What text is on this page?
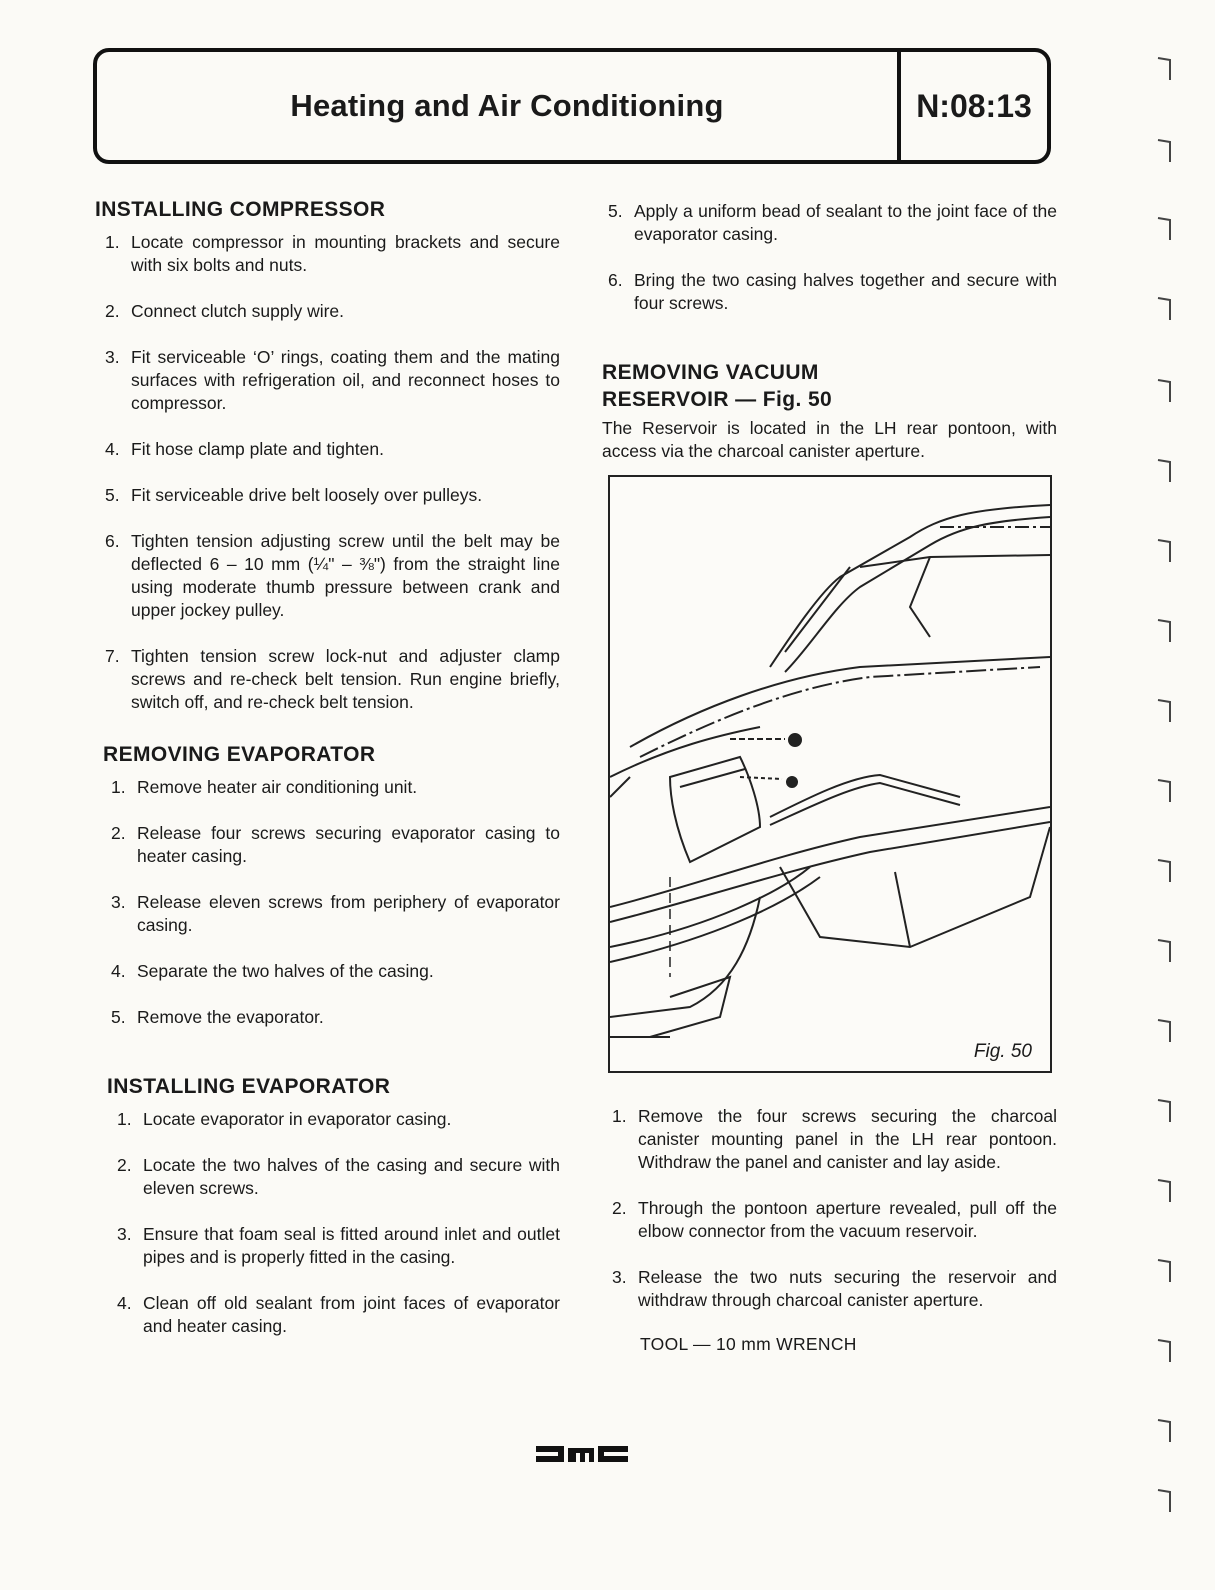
Heating and Air Conditioning	N:08:13
INSTALLING COMPRESSOR
1. Locate compressor in mounting brackets and secure with six bolts and nuts.
2. Connect clutch supply wire.
3. Fit serviceable ‘O’ rings, coating them and the mating surfaces with refrigeration oil, and reconnect hoses to compressor.
4. Fit hose clamp plate and tighten.
5. Fit serviceable drive belt loosely over pulleys.
6. Tighten tension adjusting screw until the belt may be deflected 6 – 10 mm (¼" – ⅜") from the straight line using moderate thumb pressure between crank and upper jockey pulley.
7. Tighten tension screw lock-nut and adjuster clamp screws and re-check belt tension. Run engine briefly, switch off, and re-check belt tension.
REMOVING EVAPORATOR
1. Remove heater air conditioning unit.
2. Release four screws securing evaporator casing to heater casing.
3. Release eleven screws from periphery of evaporator casing.
4. Separate the two halves of the casing.
5. Remove the evaporator.
INSTALLING EVAPORATOR
1. Locate evaporator in evaporator casing.
2. Locate the two halves of the casing and secure with eleven screws.
3. Ensure that foam seal is fitted around inlet and outlet pipes and is properly fitted in the casing.
4. Clean off old sealant from joint faces of evaporator and heater casing.
5. Apply a uniform bead of sealant to the joint face of the evaporator casing.
6. Bring the two casing halves together and secure with four screws.
REMOVING VACUUM
RESERVOIR — Fig. 50

The Reservoir is located in the LH rear pontoon, with access via the charcoal canister aperture.

Fig. 50
1. Remove the four screws securing the charcoal canister mounting panel in the LH rear pontoon. Withdraw the panel and canister and lay aside.
2. Through the pontoon aperture revealed, pull off the elbow connector from the vacuum reservoir.
3. Release the two nuts securing the reservoir and withdraw through charcoal canister aperture.
TOOL — 10 mm WRENCH
